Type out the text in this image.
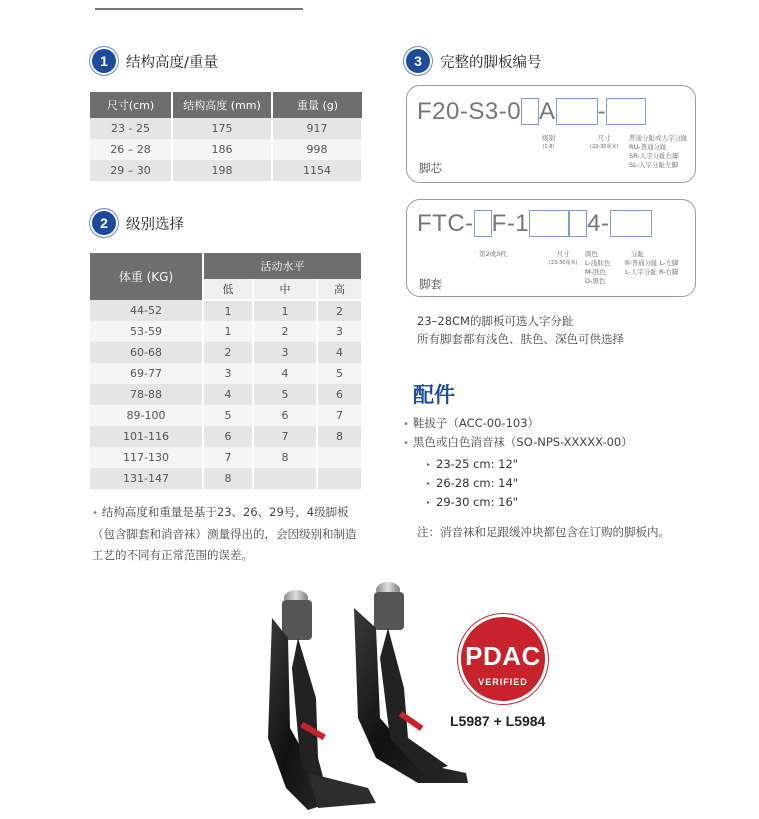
1	结构高度/重量
尺寸(cm)	结构高度 (mm)	重量 (g)
23 - 25	175	917
26 – 28	186	998
29 – 30	198	1154
2	级别选择
体重 (KG)	活动水平		
	低	中	高
44-52	1	1	2
53-59	1	2	3
60-68	2	3	4
69-77	3	4	5
78-88	4	5	6
89-100	5	6	7
101-116	6	7	8
117-130	7	8	
131-147	8		
• 结构高度和重量是基于23、26、29号，4级脚板（包含脚套和消音袜）测量得出的，会因级别和制造工艺的不同有正常范围的误差。
3	完整的脚板编号
F20-S3-0 A -
级别
(1-8)
尺寸
(23-30厘米)
普通分趾或人字分趾
RU-普通分趾
SR-人字分趾右脚
SL-人字分趾左脚
脚芯
FTC- F-1 4-
第2或3代	尺寸
(23-30厘米)
颜色
L-浅肤色
M-肤色
D-黑色
分趾
R-普通分趾 L-左脚
L-人字分趾 R-右脚
脚套
23–28CM的脚板可选人字分趾
所有脚套都有浅色、肤色、深色可供选择
配件
• 鞋拔子（ACC-00-103）
• 黑色或白色消音袜（SO-NPS-XXXXX-00）
▸ 23-25 cm: 12"
▸ 26-28 cm: 14"
▸ 29-30 cm: 16"
注：消音袜和足跟缓冲块都包含在订购的脚板内。
PDAC
VERIFIED
L5987 + L5984
